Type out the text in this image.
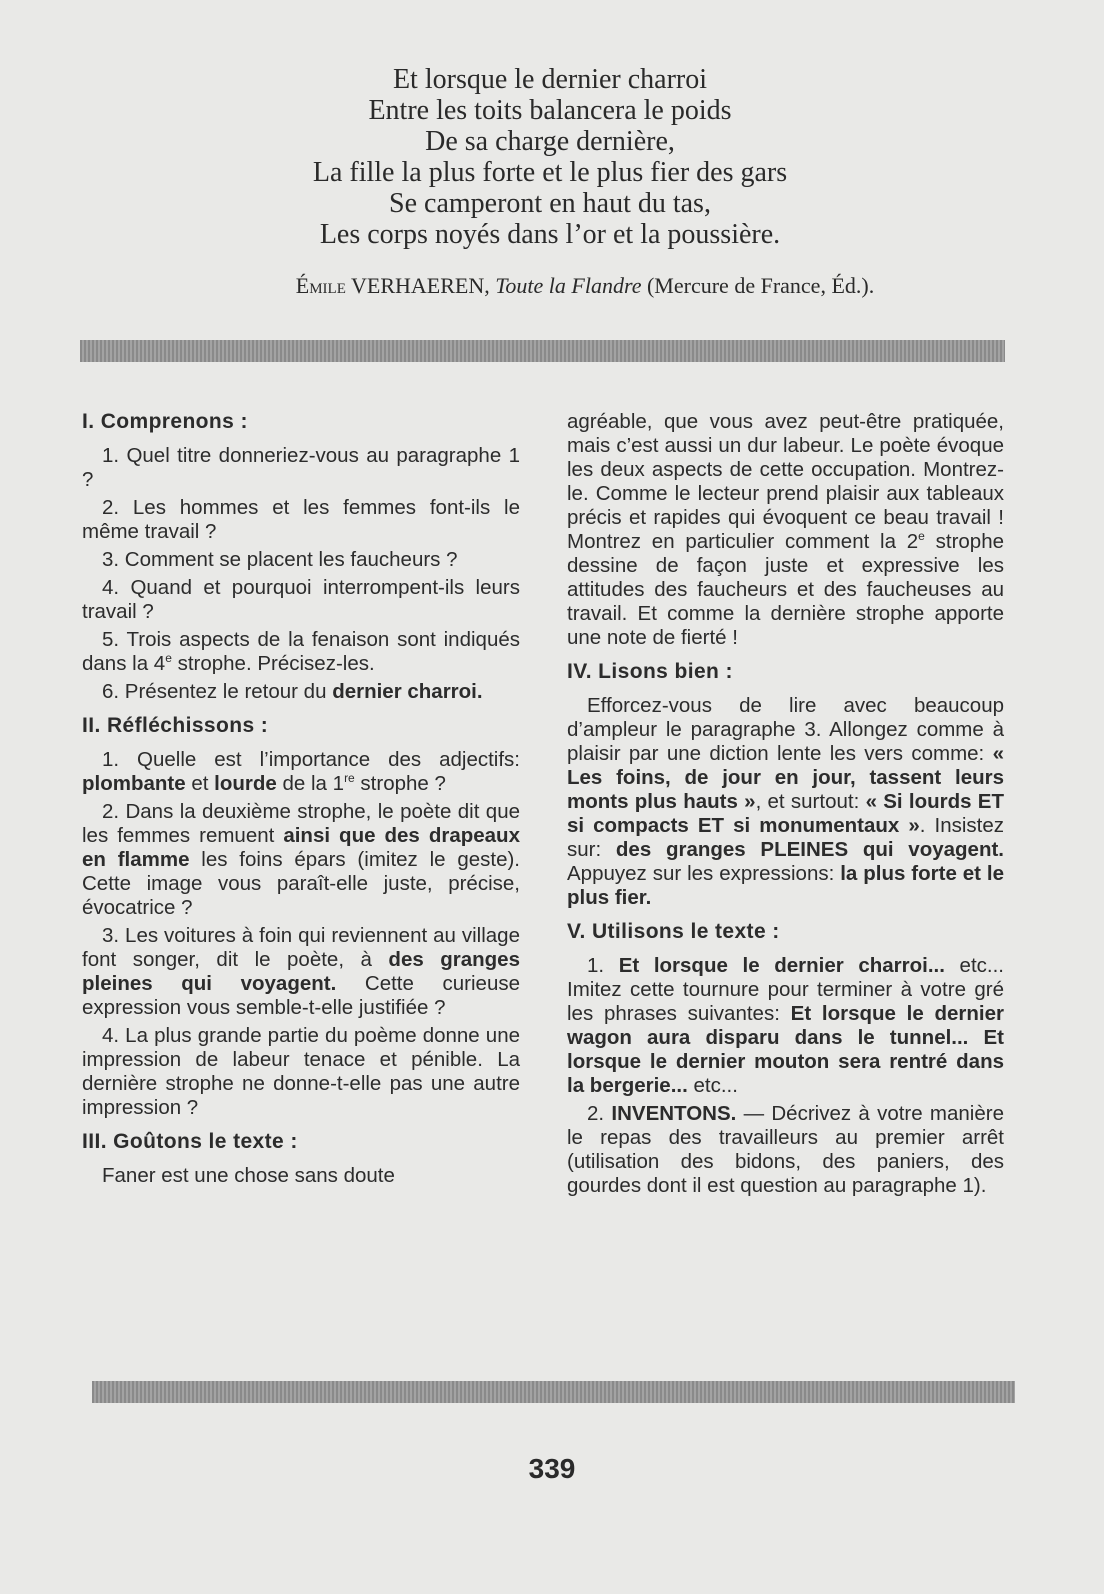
Et lorsque le dernier charroi
Entre les toits balancera le poids
De sa charge dernière,
La fille la plus forte et le plus fier des gars
Se camperont en haut du tas,
Les corps noyés dans l’or et la poussière.
Émile VERHAEREN, Toute la Flandre (Mercure de France, Éd.).
I. Comprenons :
1. Quel titre donneriez-vous au paragraphe 1 ?
2. Les hommes et les femmes font-ils le même travail ?
3. Comment se placent les faucheurs ?
4. Quand et pourquoi interrompent-ils leurs travail ?
5. Trois aspects de la fenaison sont indiqués dans la 4e strophe. Précisez-les.
6. Présentez le retour du dernier charroi.
II. Réfléchissons :
1. Quelle est l’importance des adjectifs: plombante et lourde de la 1re strophe ?
2. Dans la deuxième strophe, le poète dit que les femmes remuent ainsi que des drapeaux en flamme les foins épars (imitez le geste). Cette image vous paraît-elle juste, précise, évocatrice ?
3. Les voitures à foin qui reviennent au village font songer, dit le poète, à des granges pleines qui voyagent. Cette curieuse expression vous semble-t-elle justifiée ?
4. La plus grande partie du poème donne une impression de labeur tenace et pénible. La dernière strophe ne donne-t-elle pas une autre impression ?
III. Goûtons le texte :
Faner est une chose sans doute
agréable, que vous avez peut-être pratiquée, mais c’est aussi un dur labeur. Le poète évoque les deux aspects de cette occupation. Montrez-le. Comme le lecteur prend plaisir aux tableaux précis et rapides qui évoquent ce beau travail ! Montrez en particulier comment la 2e strophe dessine de façon juste et expressive les attitudes des faucheurs et des faucheuses au travail. Et comme la dernière strophe apporte une note de fierté !
IV. Lisons bien :
Efforcez-vous de lire avec beaucoup d’ampleur le paragraphe 3. Allongez comme à plaisir par une diction lente les vers comme: « Les foins, de jour en jour, tassent leurs monts plus hauts », et surtout: « Si lourds ET si compacts ET si monumentaux ». Insistez sur: des granges PLEINES qui voyagent. Appuyez sur les expressions: la plus forte et le plus fier.
V. Utilisons le texte :
1. Et lorsque le dernier charroi... etc... Imitez cette tournure pour terminer à votre gré les phrases suivantes: Et lorsque le dernier wagon aura disparu dans le tunnel... Et lorsque le dernier mouton sera rentré dans la bergerie... etc...
2. INVENTONS. — Décrivez à votre manière le repas des travailleurs au premier arrêt (utilisation des bidons, des paniers, des gourdes dont il est question au paragraphe 1).
339
